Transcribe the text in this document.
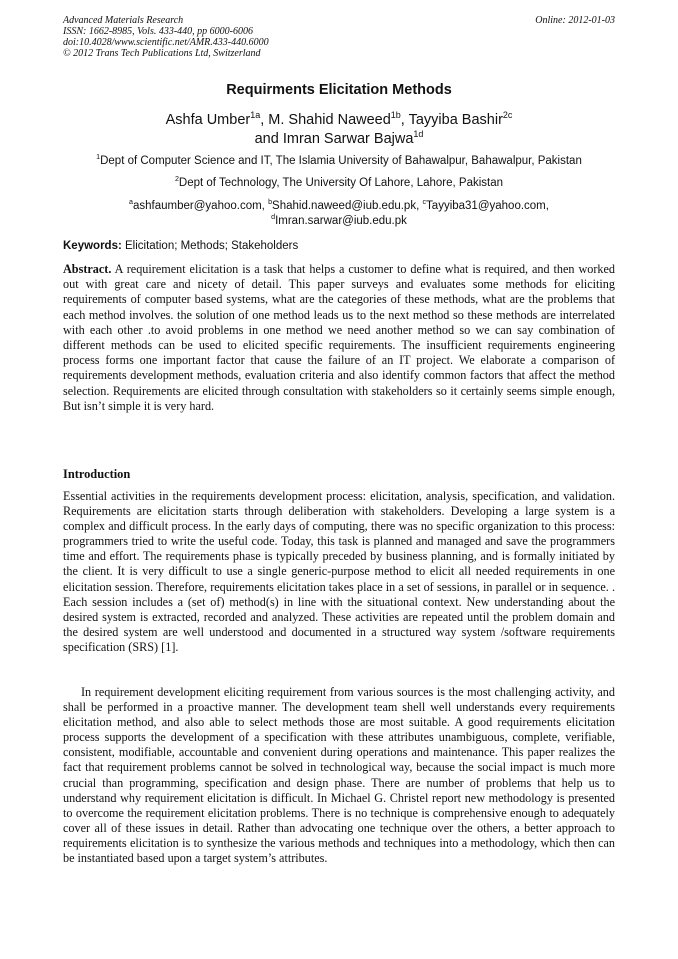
Advanced Materials Research
ISSN: 1662-8985, Vols. 433-440, pp 6000-6006
doi:10.4028/www.scientific.net/AMR.433-440.6000
© 2012 Trans Tech Publications Ltd, Switzerland
Online: 2012-01-03
Requirments Elicitation Methods
Ashfa Umber$^{1a}$, M. Shahid Naweed$^{1b}$, Tayyiba Bashir$^{2c}$
and Imran Sarwar Bajwa$^{1d}$
$^1$Dept of Computer Science and IT, The Islamia University of Bahawalpur, Bahawalpur, Pakistan
$^2$Dept of Technology, The University Of Lahore, Lahore, Pakistan
$^a$ashfaumber@yahoo.com, $^b$Shahid.naweed@iub.edu.pk, $^c$Tayyiba31@yahoo.com,
$^d$Imran.sarwar@iub.edu.pk
Keywords: Elicitation; Methods; Stakeholders
Abstract. A requirement elicitation is a task that helps a customer to define what is required, and then worked out with great care and nicety of detail. This paper surveys and evaluates some methods for eliciting requirements of computer based systems, what are the categories of these methods, what are the problems that each method involves. the solution of one method leads us to the next method so these methods are interrelated with each other .to avoid problems in one method we need another method so we can say combination of different methods can be used to elicited specific requirements. The insufficient requirements engineering process forms one important factor that cause the failure of an IT project. We elaborate a comparison of requirements development methods, evaluation criteria and also identify common factors that affect the method selection. Requirements are elicited through consultation with stakeholders so it certainly seems simple enough, But isn’t simple it is very hard.
Introduction
Essential activities in the requirements development process: elicitation, analysis, specification, and validation. Requirements are elicitation starts through deliberation with stakeholders. Developing a large system is a complex and difficult process. In the early days of computing, there was no specific organization to this process: programmers tried to write the useful code. Today, this task is planned and managed and save the programmers time and effort. The requirements phase is typically preceded by business planning, and is formally initiated by the client. It is very difficult to use a single generic-purpose method to elicit all needed requirements in one elicitation session. Therefore, requirements elicitation takes place in a set of sessions, in parallel or in sequence. . Each session includes a (set of) method(s) in line with the situational context. New understanding about the desired system is extracted, recorded and analyzed. These activities are repeated until the problem domain and the desired system are well understood and documented in a structured way system /software requirements specification (SRS) [1].
In requirement development eliciting requirement from various sources is the most challenging activity, and shall be performed in a proactive manner. The development team shell well understands every requirements elicitation method, and also able to select methods those are most suitable. A good requirements elicitation process supports the development of a specification with these attributes unambiguous, complete, verifiable, consistent, modifiable, accountable and convenient during operations and maintenance. This paper realizes the fact that requirement problems cannot be solved in technological way, because the social impact is much more crucial than programming, specification and design phase. There are number of problems that help us to understand why requirement elicitation is difficult. In Michael G. Christel report new methodology is presented to overcome the requirement elicitation problems. There is no technique is comprehensive enough to adequately cover all of these issues in detail. Rather than advocating one technique over the others, a better approach to requirements elicitation is to synthesize the various methods and techniques into a methodology, which then can be instantiated based upon a target system’s attributes.
